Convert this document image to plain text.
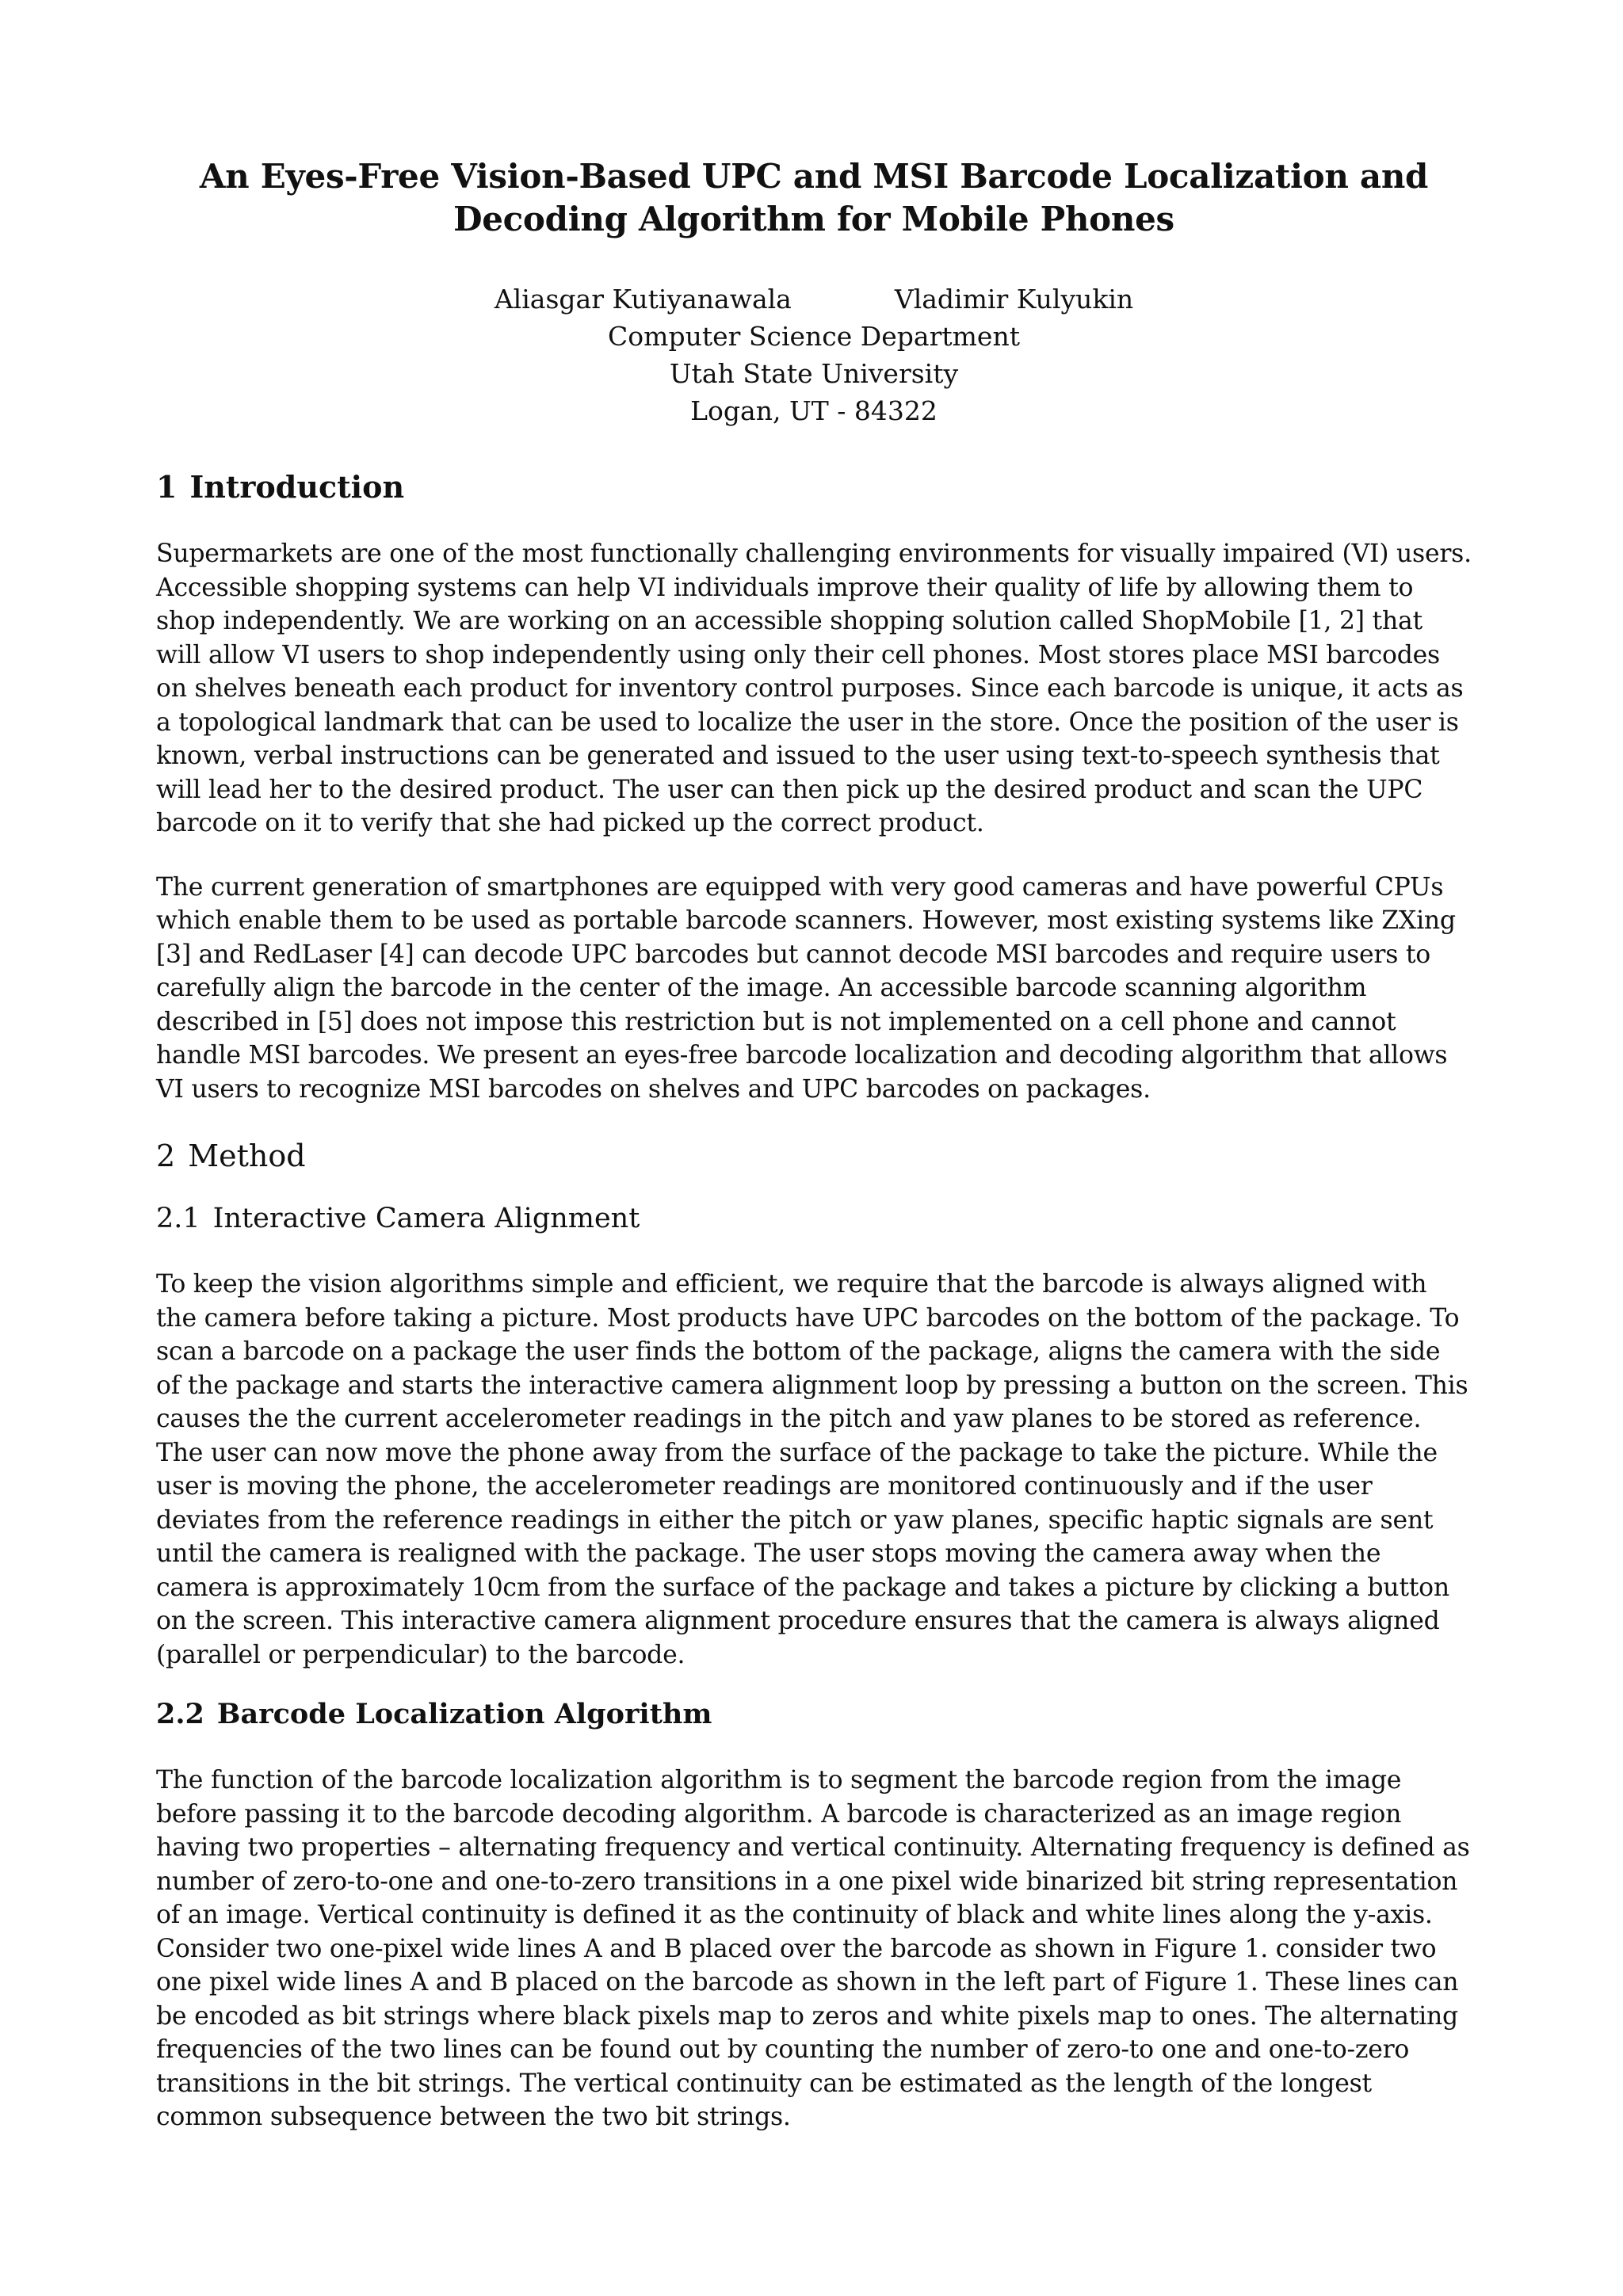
An Eyes-Free Vision-Based UPC and MSI Barcode Localization and Decoding Algorithm for Mobile Phones
Aliasgar Kutiyanawala	Vladimir Kulyukin
Computer Science Department
Utah State University
Logan, UT - 84322
1 Introduction

Supermarkets are one of the most functionally challenging environments for visually impaired (VI) users. Accessible shopping systems can help VI individuals improve their quality of life by allowing them to shop independently. We are working on an accessible shopping solution called ShopMobile [1, 2] that will allow VI users to shop independently using only their cell phones. Most stores place MSI barcodes on shelves beneath each product for inventory control purposes. Since each barcode is unique, it acts as a topological landmark that can be used to localize the user in the store. Once the position of the user is known, verbal instructions can be generated and issued to the user using text-to-speech synthesis that will lead her to the desired product. The user can then pick up the desired product and scan the UPC barcode on it to verify that she had picked up the correct product.

The current generation of smartphones are equipped with very good cameras and have powerful CPUs which enable them to be used as portable barcode scanners. However, most existing systems like ZXing [3] and RedLaser [4] can decode UPC barcodes but cannot decode MSI barcodes and require users to carefully align the barcode in the center of the image. An accessible barcode scanning algorithm described in [5] does not impose this restriction but is not implemented on a cell phone and cannot handle MSI barcodes. We present an eyes-free barcode localization and decoding algorithm that allows VI users to recognize MSI barcodes on shelves and UPC barcodes on packages.

2 Method
2.1 Interactive Camera Alignment

To keep the vision algorithms simple and efficient, we require that the barcode is always aligned with the camera before taking a picture. Most products have UPC barcodes on the bottom of the package. To scan a barcode on a package the user finds the bottom of the package, aligns the camera with the side of the package and starts the interactive camera alignment loop by pressing a button on the screen. This causes the the current accelerometer readings in the pitch and yaw planes to be stored as reference. The user can now move the phone away from the surface of the package to take the picture. While the user is moving the phone, the accelerometer readings are monitored continuously and if the user deviates from the reference readings in either the pitch or yaw planes, specific haptic signals are sent until the camera is realigned with the package. The user stops moving the camera away when the camera is approximately 10cm from the surface of the package and takes a picture by clicking a button on the screen. This interactive camera alignment procedure ensures that the camera is always aligned (parallel or perpendicular) to the barcode.

2.2 Barcode Localization Algorithm

The function of the barcode localization algorithm is to segment the barcode region from the image before passing it to the barcode decoding algorithm. A barcode is characterized as an image region having two properties – alternating frequency and vertical continuity. Alternating frequency is defined as number of zero-to-one and one-to-zero transitions in a one pixel wide binarized bit string representation of an image. Vertical continuity is defined it as the continuity of black and white lines along the y-axis. Consider two one-pixel wide lines A and B placed over the barcode as shown in Figure 1. consider two one pixel wide lines A and B placed on the barcode as shown in the left part of Figure 1. These lines can be encoded as bit strings where black pixels map to zeros and white pixels map to ones. The alternating frequencies of the two lines can be found out by counting the number of zero-to one and one-to-zero transitions in the bit strings. The vertical continuity can be estimated as the length of the longest common subsequence between the two bit strings.
